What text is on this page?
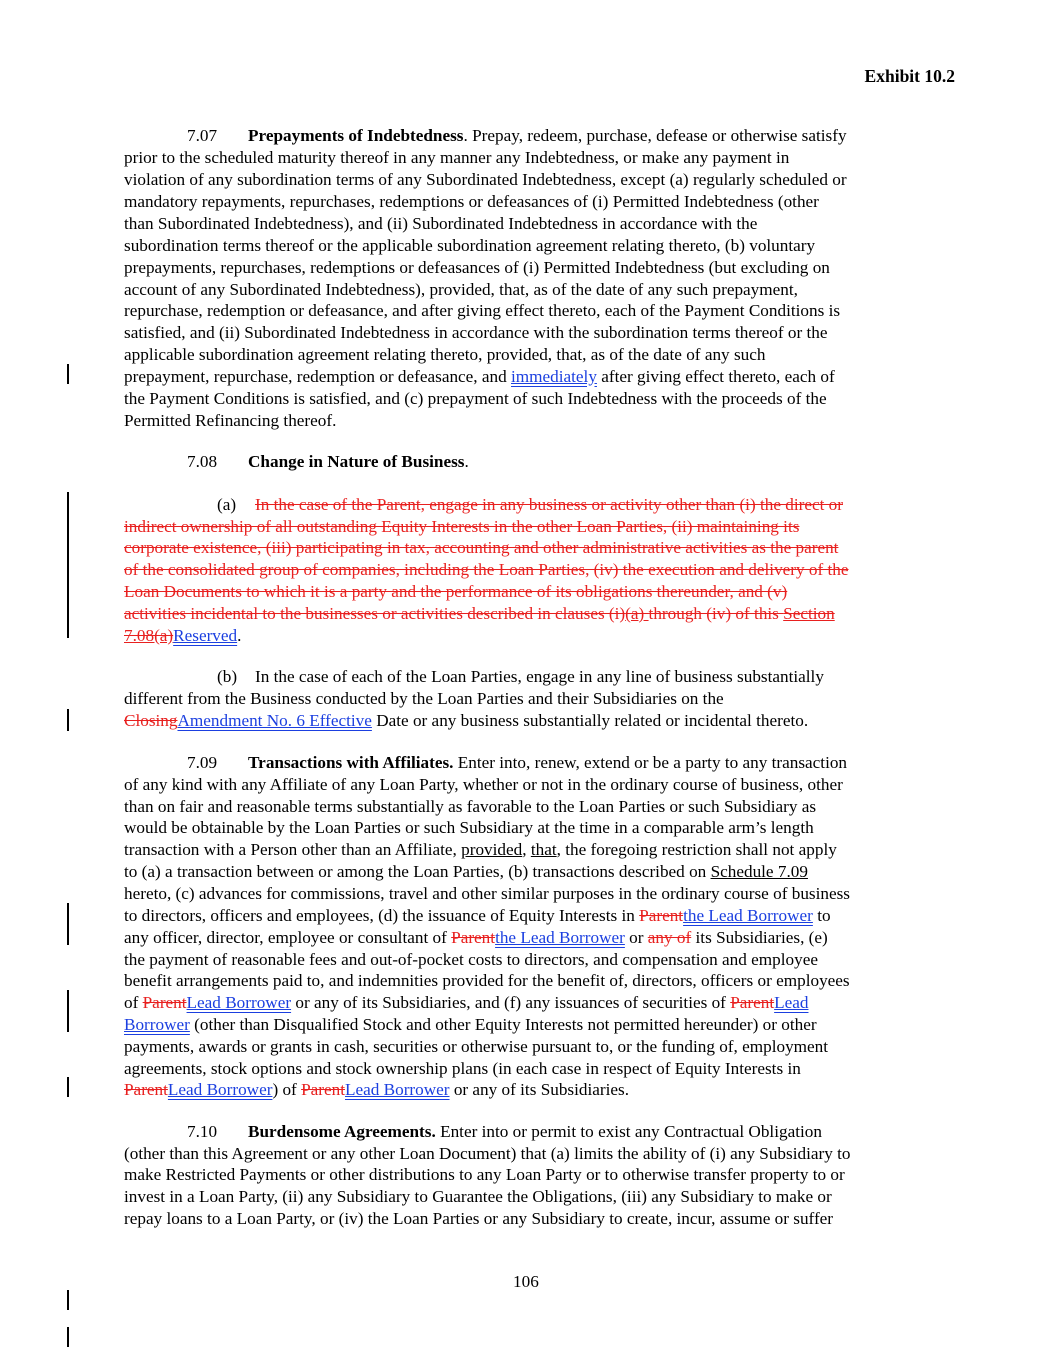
Exhibit 10.2
7.07 Prepayments of Indebtedness. Prepay, redeem, purchase, defease or otherwise satisfy
prior to the scheduled maturity thereof in any manner any Indebtedness, or make any payment in
violation of any subordination terms of any Subordinated Indebtedness, except (a) regularly scheduled or
mandatory repayments, repurchases, redemptions or defeasances of (i) Permitted Indebtedness (other
than Subordinated Indebtedness), and (ii) Subordinated Indebtedness in accordance with the
subordination terms thereof or the applicable subordination agreement relating thereto, (b) voluntary
prepayments, repurchases, redemptions or defeasances of (i) Permitted Indebtedness (but excluding on
account of any Subordinated Indebtedness), provided, that, as of the date of any such prepayment,
repurchase, redemption or defeasance, and after giving effect thereto, each of the Payment Conditions is
satisfied, and (ii) Subordinated Indebtedness in accordance with the subordination terms thereof or the
applicable subordination agreement relating thereto, provided, that, as of the date of any such
prepayment, repurchase, redemption or defeasance, and immediately after giving effect thereto, each of
the Payment Conditions is satisfied, and (c) prepayment of such Indebtedness with the proceeds of the
Permitted Refinancing thereof.
7.08 Change in Nature of Business.
(a) In the case of the Parent, engage in any business or activity other than (i) the direct or
indirect ownership of all outstanding Equity Interests in the other Loan Parties, (ii) maintaining its
corporate existence, (iii) participating in tax, accounting and other administrative activities as the parent
of the consolidated group of companies, including the Loan Parties, (iv) the execution and delivery of the
Loan Documents to which it is a party and the performance of its obligations thereunder, and (v)
activities incidental to the businesses or activities described in clauses (i)(a) through (iv) of this Section
7.08(a)Reserved.
(b) In the case of each of the Loan Parties, engage in any line of business substantially
different from the Business conducted by the Loan Parties and their Subsidiaries on the
ClosingAmendment No. 6 Effective Date or any business substantially related or incidental thereto.
7.09 Transactions with Affiliates. Enter into, renew, extend or be a party to any transaction
of any kind with any Affiliate of any Loan Party, whether or not in the ordinary course of business, other
than on fair and reasonable terms substantially as favorable to the Loan Parties or such Subsidiary as
would be obtainable by the Loan Parties or such Subsidiary at the time in a comparable arm’s length
transaction with a Person other than an Affiliate, provided, that, the foregoing restriction shall not apply
to (a) a transaction between or among the Loan Parties, (b) transactions described on Schedule 7.09
hereto, (c) advances for commissions, travel and other similar purposes in the ordinary course of business
to directors, officers and employees, (d) the issuance of Equity Interests in Parentthe Lead Borrower to
any officer, director, employee or consultant of Parentthe Lead Borrower or any of its Subsidiaries, (e)
the payment of reasonable fees and out-of-pocket costs to directors, and compensation and employee
benefit arrangements paid to, and indemnities provided for the benefit of, directors, officers or employees
of ParentLead Borrower or any of its Subsidiaries, and (f) any issuances of securities of ParentLead
Borrower (other than Disqualified Stock and other Equity Interests not permitted hereunder) or other
payments, awards or grants in cash, securities or otherwise pursuant to, or the funding of, employment
agreements, stock options and stock ownership plans (in each case in respect of Equity Interests in
ParentLead Borrower) of ParentLead Borrower or any of its Subsidiaries.
7.10 Burdensome Agreements. Enter into or permit to exist any Contractual Obligation
(other than this Agreement or any other Loan Document) that (a) limits the ability of (i) any Subsidiary to
make Restricted Payments or other distributions to any Loan Party or to otherwise transfer property to or
invest in a Loan Party, (ii) any Subsidiary to Guarantee the Obligations, (iii) any Subsidiary to make or
repay loans to a Loan Party, or (iv) the Loan Parties or any Subsidiary to create, incur, assume or suffer
106
